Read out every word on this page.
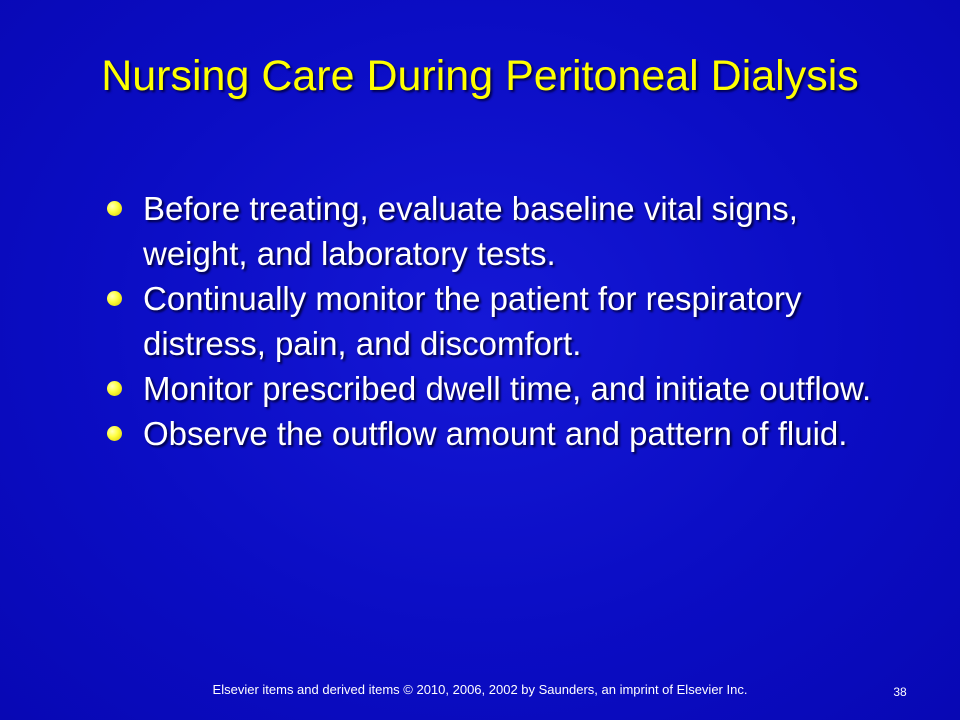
Nursing Care During Peritoneal Dialysis
Before treating, evaluate baseline vital signs, weight, and laboratory tests.
Continually monitor the patient for respiratory distress, pain, and discomfort.
Monitor prescribed dwell time, and initiate outflow.
Observe the outflow amount and pattern of fluid.
Elsevier items and derived items © 2010, 2006, 2002 by Saunders, an imprint of Elsevier Inc.	38
